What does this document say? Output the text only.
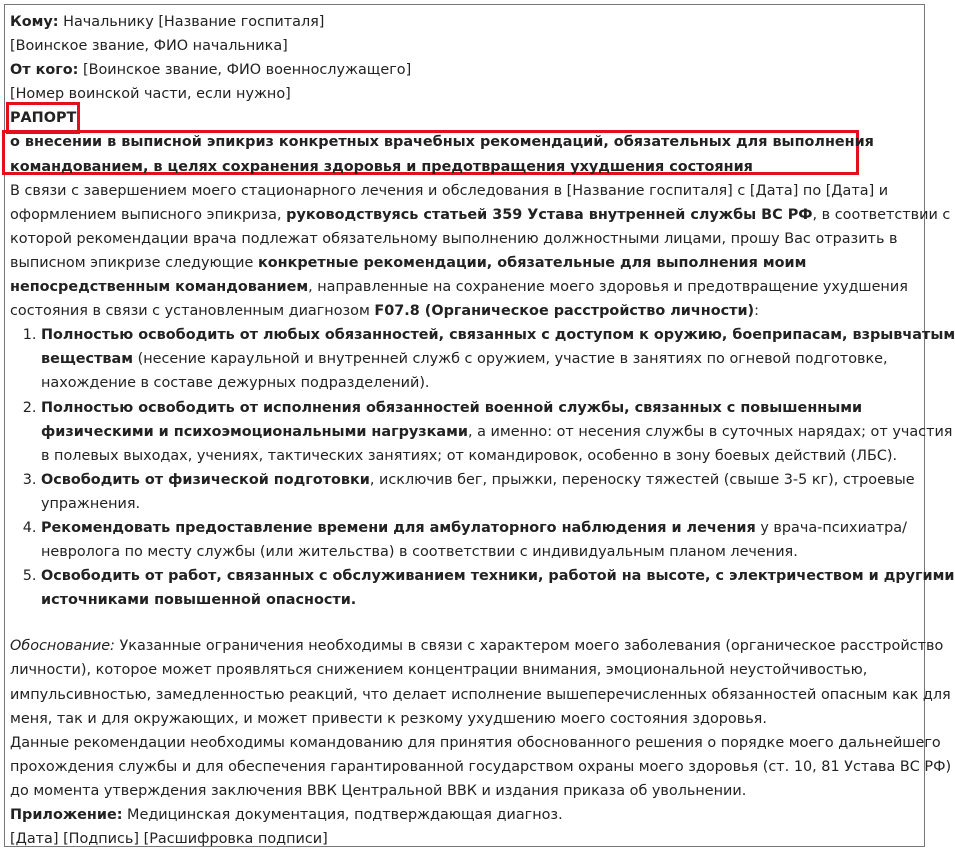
Кому: Начальнику [Название госпиталя]
[Воинское звание, ФИО начальника]
От кого: [Воинское звание, ФИО военнослужащего]
[Номер воинской части, если нужно]
РАПОРТ
о внесении в выписной эпикриз конкретных врачебных рекомендаций, обязательных для выполнения
командованием, в целях сохранения здоровья и предотвращения ухудшения состояния
В связи с завершением моего стационарного лечения и обследования в [Название госпиталя] с [Дата] по [Дата] и
оформлением выписного эпикриза, руководствуясь статьей 359 Устава внутренней службы ВС РФ, в соответствии с
которой рекомендации врача подлежат обязательному выполнению должностными лицами, прошу Вас отразить в
выписном эпикризе следующие конкретные рекомендации, обязательные для выполнения моим
непосредственным командованием, направленные на сохранение моего здоровья и предотвращение ухудшения
состояния в связи с установленным диагнозом F07.8 (Органическое расстройство личности):
1. Полностью освободить от любых обязанностей, связанных с доступом к оружию, боеприпасам, взрывчатым
веществам (несение караульной и внутренней служб с оружием, участие в занятиях по огневой подготовке,
нахождение в составе дежурных подразделений).
2. Полностью освободить от исполнения обязанностей военной службы, связанных с повышенными
физическими и психоэмоциональными нагрузками, а именно: от несения службы в суточных нарядах; от участия
в полевых выходах, учениях, тактических занятиях; от командировок, особенно в зону боевых действий (ЛБС).
3. Освободить от физической подготовки, исключив бег, прыжки, переноску тяжестей (свыше 3-5 кг), строевые
упражнения.
4. Рекомендовать предоставление времени для амбулаторного наблюдения и лечения у врача-психиатра/
невролога по месту службы (или жительства) в соответствии с индивидуальным планом лечения.
5. Освободить от работ, связанных с обслуживанием техники, работой на высоте, с электричеством и другими
источниками повышенной опасности.
Обоснование: Указанные ограничения необходимы в связи с характером моего заболевания (органическое расстройство
личности), которое может проявляться снижением концентрации внимания, эмоциональной неустойчивостью,
импульсивностью, замедленностью реакций, что делает исполнение вышеперечисленных обязанностей опасным как для
меня, так и для окружающих, и может привести к резкому ухудшению моего состояния здоровья.
Данные рекомендации необходимы командованию для принятия обоснованного решения о порядке моего дальнейшего
прохождения службы и для обеспечения гарантированной государством охраны моего здоровья (ст. 10, 81 Устава ВС РФ)
до момента утверждения заключения ВВК Центральной ВВК и издания приказа об увольнении.
Приложение: Медицинская документация, подтверждающая диагноз.
[Дата] [Подпись] [Расшифровка подписи]
